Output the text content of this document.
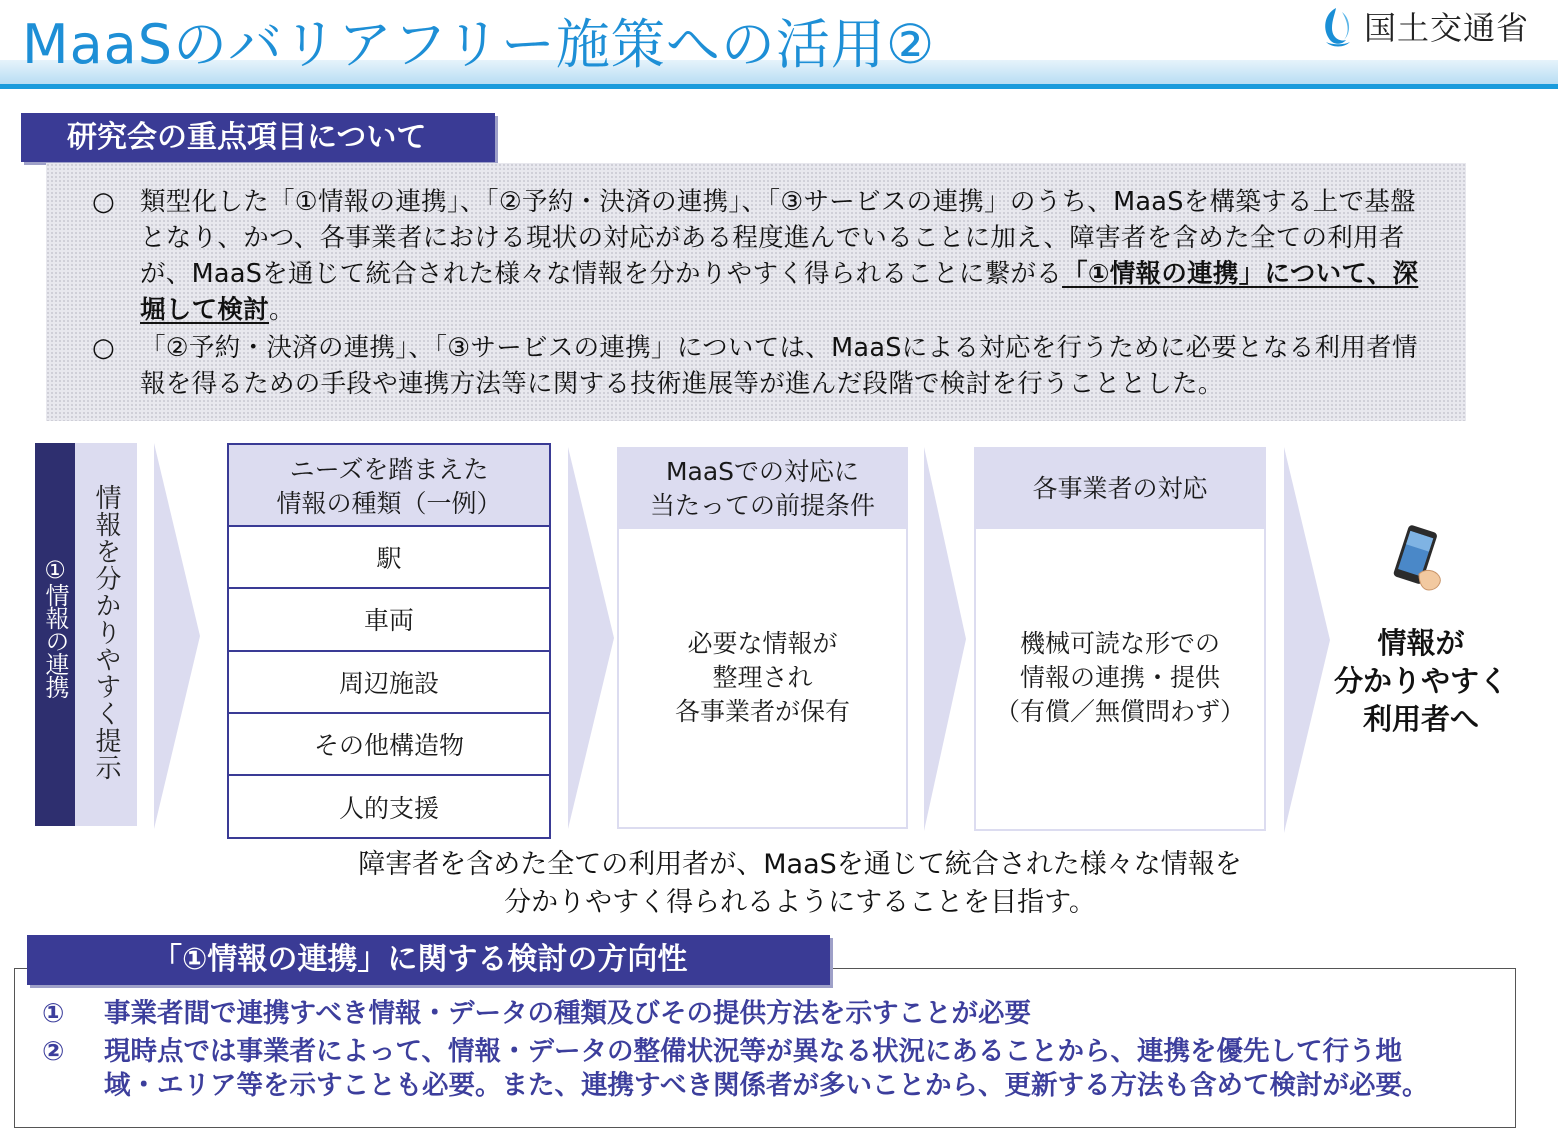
MaaSのバリアフリー施策への活用②	国土交通省
研究会の重点項目について
○ 類型化した「①情報の連携」、「②予約・決済の連携」、「③サービスの連携」のうち、MaaSを構築する上で基盤となり、かつ、各事業者における現状の対応がある程度進んでいることに加え、障害者を含めた全ての利用者が、MaaSを通じて統合された様々な情報を分かりやすく得られることに繋がる「①情報の連携」について、深堀して検討。
○ 「②予約・決済の連携」、「③サービスの連携」については、MaaSによる対応を行うために必要となる利用者情報を得るための手段や連携方法等に関する技術進展等が進んだ段階で検討を行うこととした。
①情報の連携 情報を分かりやすく提示
ニーズを踏まえた
情報の種類（一例）
駅
車両
周辺施設
その他構造物
人的支援
MaaSでの対応に
当たっての前提条件
必要な情報が
整理され
各事業者が保有
各事業者の対応
機械可読な形での
情報の連携・提供
（有償／無償問わず）
情報が
分かりやすく
利用者へ
障害者を含めた全ての利用者が、MaaSを通じて統合された様々な情報を
分かりやすく得られるようにすることを目指す。
「①情報の連携」に関する検討の方向性
① 事業者間で連携すべき情報・データの種類及びその提供方法を示すことが必要
② 現時点では事業者によって、情報・データの整備状況等が異なる状況にあることから、連携を優先して行う地
域・エリア等を示すことも必要。また、連携すべき関係者が多いことから、更新する方法も含めて検討が必要。
